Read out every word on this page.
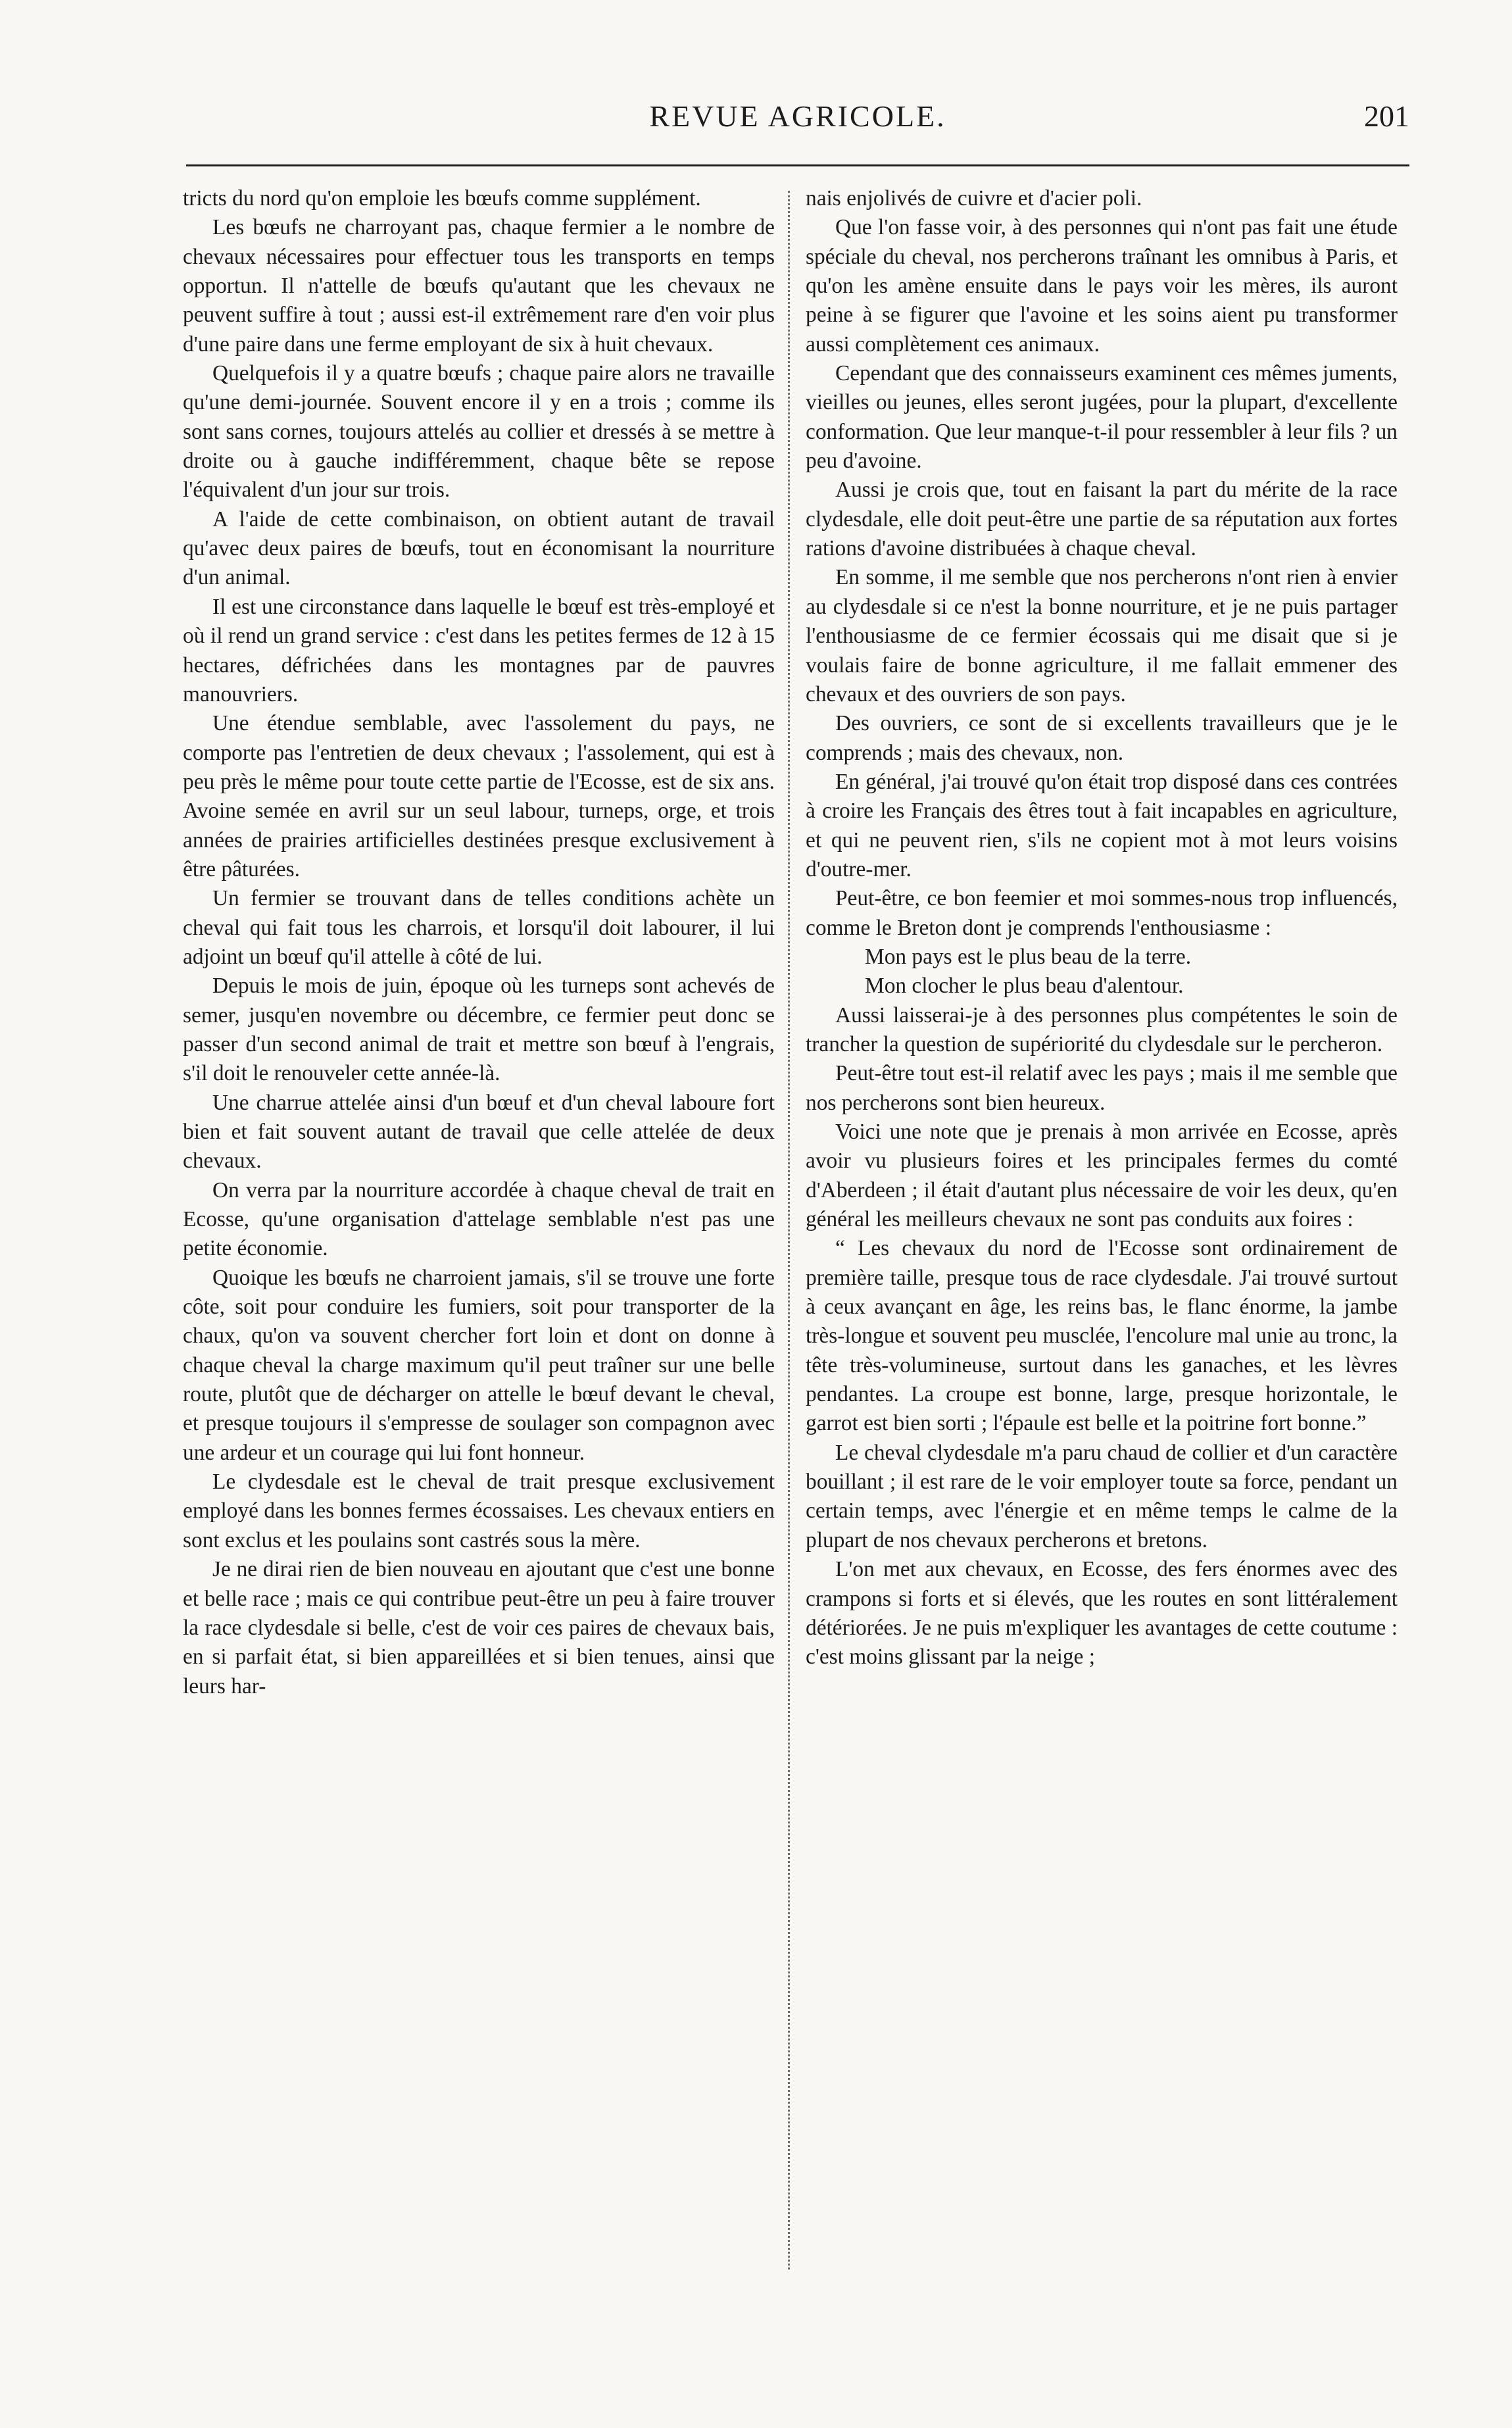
REVUE AGRICOLE.	201

tricts du nord qu'on emploie les bœufs comme supplément.

Les bœufs ne charroyant pas, chaque fermier a le nombre de chevaux nécessaires pour effectuer tous les transports en temps opportun. Il n'attelle de bœufs qu'autant que les chevaux ne peuvent suffire à tout ; aussi est-il extrêmement rare d'en voir plus d'une paire dans une ferme employant de six à huit chevaux.

Quelquefois il y a quatre bœufs ; chaque paire alors ne travaille qu'une demi-journée. Souvent encore il y en a trois ; comme ils sont sans cornes, toujours attelés au collier et dressés à se mettre à droite ou à gauche indifféremment, chaque bête se repose l'équivalent d'un jour sur trois.

A l'aide de cette combinaison, on obtient autant de travail qu'avec deux paires de bœufs, tout en économisant la nourriture d'un animal.

Il est une circonstance dans laquelle le bœuf est très-employé et où il rend un grand service : c'est dans les petites fermes de 12 à 15 hectares, défrichées dans les montagnes par de pauvres manouvriers.

Une étendue semblable, avec l'assolement du pays, ne comporte pas l'entretien de deux chevaux ; l'assolement, qui est à peu près le même pour toute cette partie de l'Ecosse, est de six ans. Avoine semée en avril sur un seul labour, turneps, orge, et trois années de prairies artificielles destinées presque exclusivement à être pâturées.

Un fermier se trouvant dans de telles conditions achète un cheval qui fait tous les charrois, et lorsqu'il doit labourer, il lui adjoint un bœuf qu'il attelle à côté de lui.

Depuis le mois de juin, époque où les turneps sont achevés de semer, jusqu'en novembre ou décembre, ce fermier peut donc se passer d'un second animal de trait et mettre son bœuf à l'engrais, s'il doit le renouveler cette année-là.

Une charrue attelée ainsi d'un bœuf et d'un cheval laboure fort bien et fait souvent autant de travail que celle attelée de deux chevaux.

On verra par la nourriture accordée à chaque cheval de trait en Ecosse, qu'une organisation d'attelage semblable n'est pas une petite économie.

Quoique les bœufs ne charroient jamais, s'il se trouve une forte côte, soit pour conduire les fumiers, soit pour transporter de la chaux, qu'on va souvent chercher fort loin et dont on donne à chaque cheval la charge maximum qu'il peut traîner sur une belle route, plutôt que de décharger on attelle le bœuf devant le cheval, et presque toujours il s'empresse de soulager son compagnon avec une ardeur et un courage qui lui font honneur.

Le clydesdale est le cheval de trait presque exclusivement employé dans les bonnes fermes écossaises. Les chevaux entiers en sont exclus et les poulains sont castrés sous la mère.

Je ne dirai rien de bien nouveau en ajoutant que c'est une bonne et belle race ; mais ce qui contribue peut-être un peu à faire trouver la race clydesdale si belle, c'est de voir ces paires de chevaux bais, en si parfait état, si bien appareillées et si bien tenues, ainsi que leurs har-

nais enjolivés de cuivre et d'acier poli.

Que l'on fasse voir, à des personnes qui n'ont pas fait une étude spéciale du cheval, nos percherons traînant les omnibus à Paris, et qu'on les amène ensuite dans le pays voir les mères, ils auront peine à se figurer que l'avoine et les soins aient pu transformer aussi complètement ces animaux.

Cependant que des connaisseurs examinent ces mêmes juments, vieilles ou jeunes, elles seront jugées, pour la plupart, d'excellente conformation. Que leur manque-t-il pour ressembler à leur fils ? un peu d'avoine.

Aussi je crois que, tout en faisant la part du mérite de la race clydesdale, elle doit peut-être une partie de sa réputation aux fortes rations d'avoine distribuées à chaque cheval.

En somme, il me semble que nos percherons n'ont rien à envier au clydesdale si ce n'est la bonne nourriture, et je ne puis partager l'enthousiasme de ce fermier écossais qui me disait que si je voulais faire de bonne agriculture, il me fallait emmener des chevaux et des ouvriers de son pays.

Des ouvriers, ce sont de si excellents travailleurs que je le comprends ; mais des chevaux, non.

En général, j'ai trouvé qu'on était trop disposé dans ces contrées à croire les Français des êtres tout à fait incapables en agriculture, et qui ne peuvent rien, s'ils ne copient mot à mot leurs voisins d'outre-mer.

Peut-être, ce bon feemier et moi sommes-nous trop influencés, comme le Breton dont je comprends l'enthousiasme :

Mon pays est le plus beau de la terre.

Mon clocher le plus beau d'alentour.

Aussi laisserai-je à des personnes plus compétentes le soin de trancher la question de supériorité du clydesdale sur le percheron.

Peut-être tout est-il relatif avec les pays ; mais il me semble que nos percherons sont bien heureux.

Voici une note que je prenais à mon arrivée en Ecosse, après avoir vu plusieurs foires et les principales fermes du comté d'Aberdeen ; il était d'autant plus nécessaire de voir les deux, qu'en général les meilleurs chevaux ne sont pas conduits aux foires :

“ Les chevaux du nord de l'Ecosse sont ordinairement de première taille, presque tous de race clydesdale. J'ai trouvé surtout à ceux avançant en âge, les reins bas, le flanc énorme, la jambe très-longue et souvent peu musclée, l'encolure mal unie au tronc, la tête très-volumineuse, surtout dans les ganaches, et les lèvres pendantes. La croupe est bonne, large, presque horizontale, le garrot est bien sorti ; l'épaule est belle et la poitrine fort bonne.”

Le cheval clydesdale m'a paru chaud de collier et d'un caractère bouillant ; il est rare de le voir employer toute sa force, pendant un certain temps, avec l'énergie et en même temps le calme de la plupart de nos chevaux percherons et bretons.

L'on met aux chevaux, en Ecosse, des fers énormes avec des crampons si forts et si élevés, que les routes en sont littéralement détériorées. Je ne puis m'expliquer les avantages de cette coutume : c'est moins glissant par la neige ;
